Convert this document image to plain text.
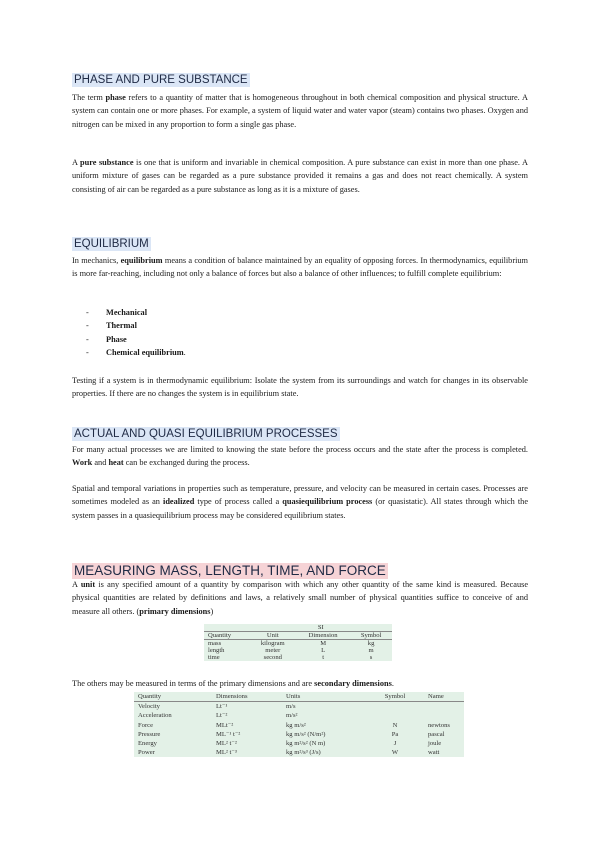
PHASE AND PURE SUBSTANCE

The term phase refers to a quantity of matter that is homogeneous throughout in both chemical composition and physical structure. A system can contain one or more phases. For example, a system of liquid water and water vapor (steam) contains two phases. Oxygen and nitrogen can be mixed in any proportion to form a single gas phase.

A pure substance is one that is uniform and invariable in chemical composition. A pure substance can exist in more than one phase. A uniform mixture of gases can be regarded as a pure substance provided it remains a gas and does not react chemically. A system consisting of air can be regarded as a pure substance as long as it is a mixture of gases.

EQUILIBRIUM

In mechanics, equilibrium means a condition of balance maintained by an equality of opposing forces. In thermodynamics, equilibrium is more far-reaching, including not only a balance of forces but also a balance of other influences; to fulfill complete equilibrium:

- Mechanical
- Thermal
- Phase
- Chemical equilibrium.

Testing if a system is in thermodynamic equilibrium: Isolate the system from its surroundings and watch for changes in its observable properties. If there are no changes the system is in equilibrium state.

ACTUAL AND QUASI EQUILIBRIUM PROCESSES

For many actual processes we are limited to knowing the state before the process occurs and the state after the process is completed. Work and heat can be exchanged during the process.

Spatial and temporal variations in properties such as temperature, pressure, and velocity can be measured in certain cases. Processes are sometimes modeled as an idealized type of process called a quasiequilibrium process (or quasistatic). All states through which the system passes in a quasiequilibrium process may be considered equilibrium states.

MEASURING MASS, LENGTH, TIME, AND FORCE

A unit is any specified amount of a quantity by comparison with which any other quantity of the same kind is measured. Because physical quantities are related by definitions and laws, a relatively small number of physical quantities suffice to conceive of and measure all others. (primary dimensions)

	SI		
Quantity	Unit	Dimension	Symbol
mass	kilogram	M	kg
length	meter	L	m
time	second	t	s

The others may be measured in terms of the primary dimensions and are secondary dimensions.

Quantity	Dimensions	Units	Symbol	Name
Velocity	Lt⁻¹	m/s		
Acceleration	Lt⁻²	m/s²		
Force	MLt⁻²	kg m/s²	N	newtons
Pressure	ML⁻¹ t⁻²	kg m/s² (N/m²)	Pa	pascal
Energy	ML² t⁻²	kg m²/s² (N m)	J	joule
Power	ML² t⁻³	kg m²/s³ (J/s)	W	watt
